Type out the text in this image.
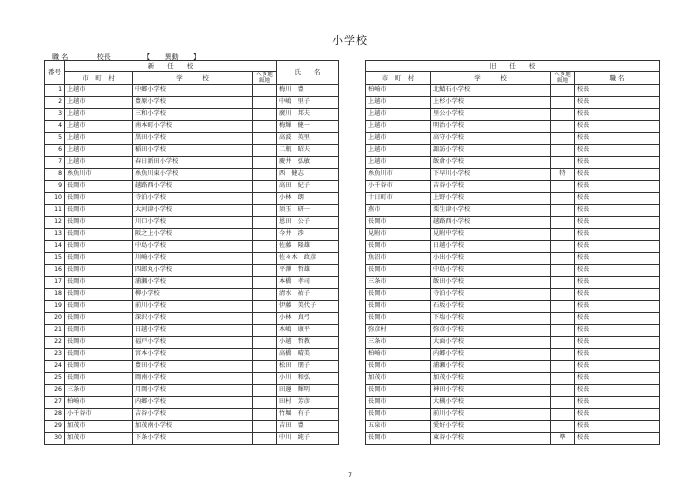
小学校
職 名	校長	【 異動 】
番号	新　　任　　校			氏　　名		旧　　任　　校			
	市　町　村	学　　　校	へき地級地			市　町　村	学　　　校	へき地級地	職 名
1	上越市	中郷小学校		梅川　豊		柏崎市	北鯖石小学校		校長
2	上越市	豊原小学校		中嶋　里子		上越市	上杉小学校		校長
3	上越市	三和小学校		廣川　邦夫		上越市	里公小学校		校長
4	上越市	南本町小学校		梅輝　健一		上越市	明治小学校		校長
5	上越市	黒田小学校		高波　英里		上越市	高守小学校		校長
6	上越市	稲田小学校		二瓶　昭夫		上越市	諏訪小学校		校長
7	上越市	春日新田小学校		慶井　弘敏		上越市	飯倉小学校		校長
8	糸魚川市	糸魚川東小学校		西　健志		糸魚川市	下早川小学校	特	校長
9	長岡市	越路西小学校		高田　紀子		小千谷市	吉谷小学校		校長
10	長岡市	寺泊小学校		小林　朗		十日町市	上野小学校		校長
11	長岡市	大河津小学校		須玉　研一		燕市	栗生津小学校		校長
12	長岡市	川口小学校		恩田　公子		長岡市	越路西小学校		校長
13	長岡市	阪之上小学校		今井　渉		見附市	見附中学校		校長
14	長岡市	中島小学校		佐藤　隆雄		長岡市	日越小学校		校長
15	長岡市	川崎小学校		佐々木　政彦		魚沼市	小出小学校		校長
16	長岡市	四郎丸小学校		平澤　哲雄		長岡市	中島小学校		校長
17	長岡市	浦瀬小学校		本橋　孝司		三条市	飯田小学校		校長
18	長岡市	柳小学校		清水　祐子		長岡市	寺泊小学校		校長
19	長岡市	前川小学校		伊藤　美代子		長岡市	石坂小学校		校長
20	長岡市	深沢小学校		小林　真弓		長岡市	下塩小学校		校長
21	長岡市	日越小学校		木嶋　康平		弥彦村	弥彦小学校		校長
22	長岡市	福戸小学校		小越　哲教		三条市	大面小学校		校長
23	長岡市	宮本小学校		高橋　晴美		柏崎市	内郷小学校		校長
24	長岡市	豊田小学校		松田　朋子		長岡市	浦瀬小学校		校長
25	長岡市	岡南小学校		小川　和弘		加茂市	加茂小学校		校長
26	三条市	月岡小学校		田邊　輝明		長岡市	神田小学校		校長
27	柏崎市	内郷小学校		田村　芳彦		長岡市	大槻小学校		校長
28	小千谷市	吉谷小学校		竹堀　有子		長岡市	前川小学校		校長
29	加茂市	加茂南小学校		吉田　豊		五泉市	愛好小学校		校長
30	加茂市	下条小学校		中川　純子		長岡市	東谷小学校	準	校長
7
